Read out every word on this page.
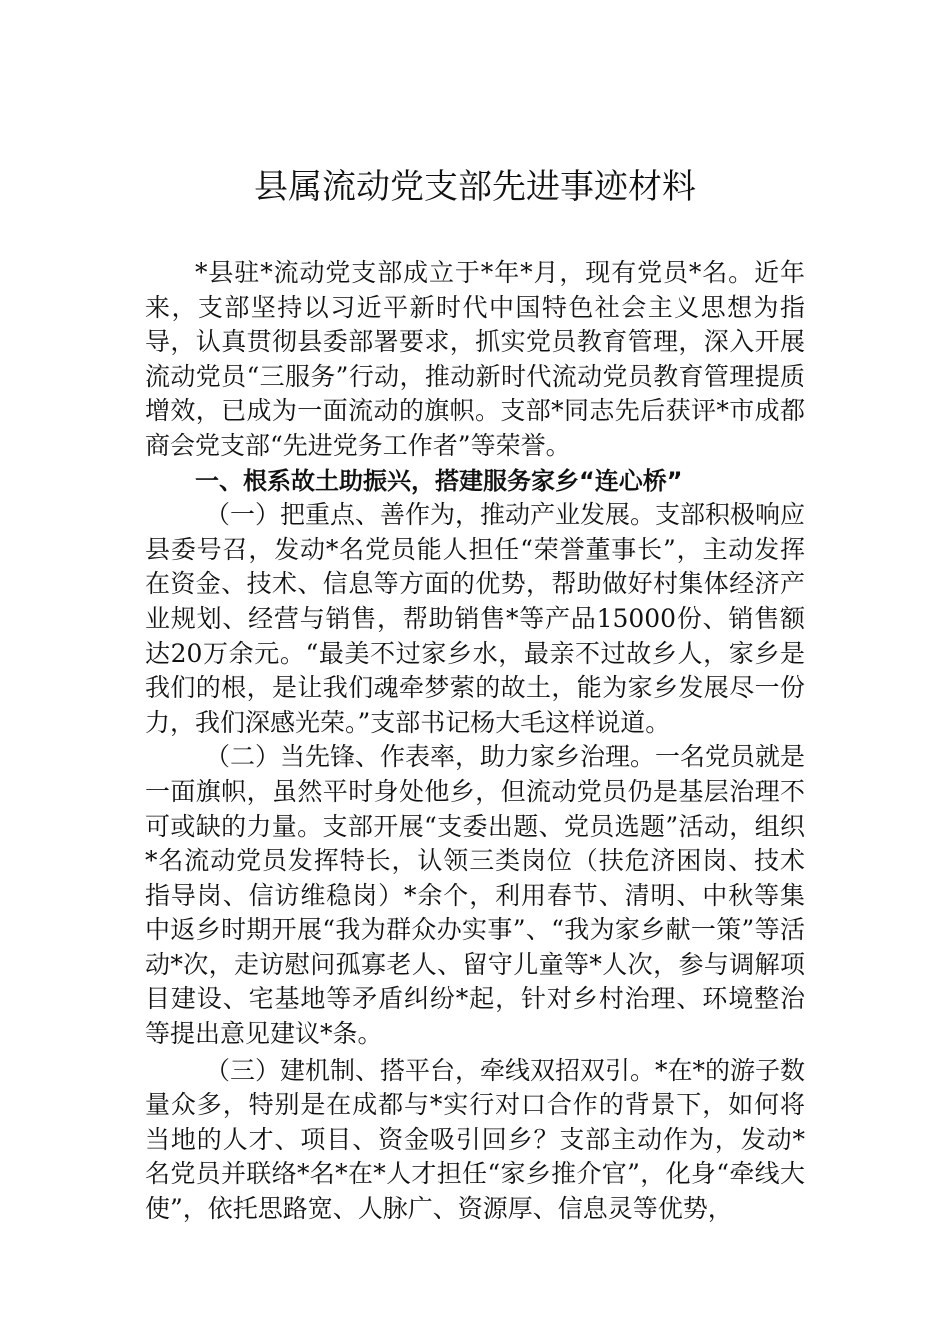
县属流动党支部先进事迹材料

*县驻*流动党支部成立于*年*月，现有党员*名。近年来，支部坚持以习近平新时代中国特色社会主义思想为指导，认真贯彻县委部署要求，抓实党员教育管理，深入开展流动党员“三服务”行动，推动新时代流动党员教育管理提质增效，已成为一面流动的旗帜。支部*同志先后获评*市成都商会党支部“先进党务工作者”等荣誉。

一、根系故土助振兴，搭建服务家乡“连心桥”

（一）把重点、善作为，推动产业发展。支部积极响应县委号召，发动*名党员能人担任“荣誉董事长”，主动发挥在资金、技术、信息等方面的优势，帮助做好村集体经济产业规划、经营与销售，帮助销售*等产品15000份、销售额达20万余元。“最美不过家乡水，最亲不过故乡人，家乡是我们的根，是让我们魂牵梦萦的故土，能为家乡发展尽一份力，我们深感光荣。”支部书记杨大毛这样说道。

（二）当先锋、作表率，助力家乡治理。一名党员就是一面旗帜，虽然平时身处他乡，但流动党员仍是基层治理不可或缺的力量。支部开展“支委出题、党员选题”活动，组织*名流动党员发挥特长，认领三类岗位（扶危济困岗、技术指导岗、信访维稳岗）*余个，利用春节、清明、中秋等集中返乡时期开展“我为群众办实事”、“我为家乡献一策”等活动*次，走访慰问孤寡老人、留守儿童等*人次，参与调解项目建设、宅基地等矛盾纠纷*起，针对乡村治理、环境整治等提出意见建议*条。

（三）建机制、搭平台，牵线双招双引。*在*的游子数量众多，特别是在成都与*实行对口合作的背景下，如何将当地的人才、项目、资金吸引回乡？支部主动作为，发动*名党员并联络*名*在*人才担任“家乡推介官”，化身“牵线大使”，依托思路宽、人脉广、资源厚、信息灵等优势，
